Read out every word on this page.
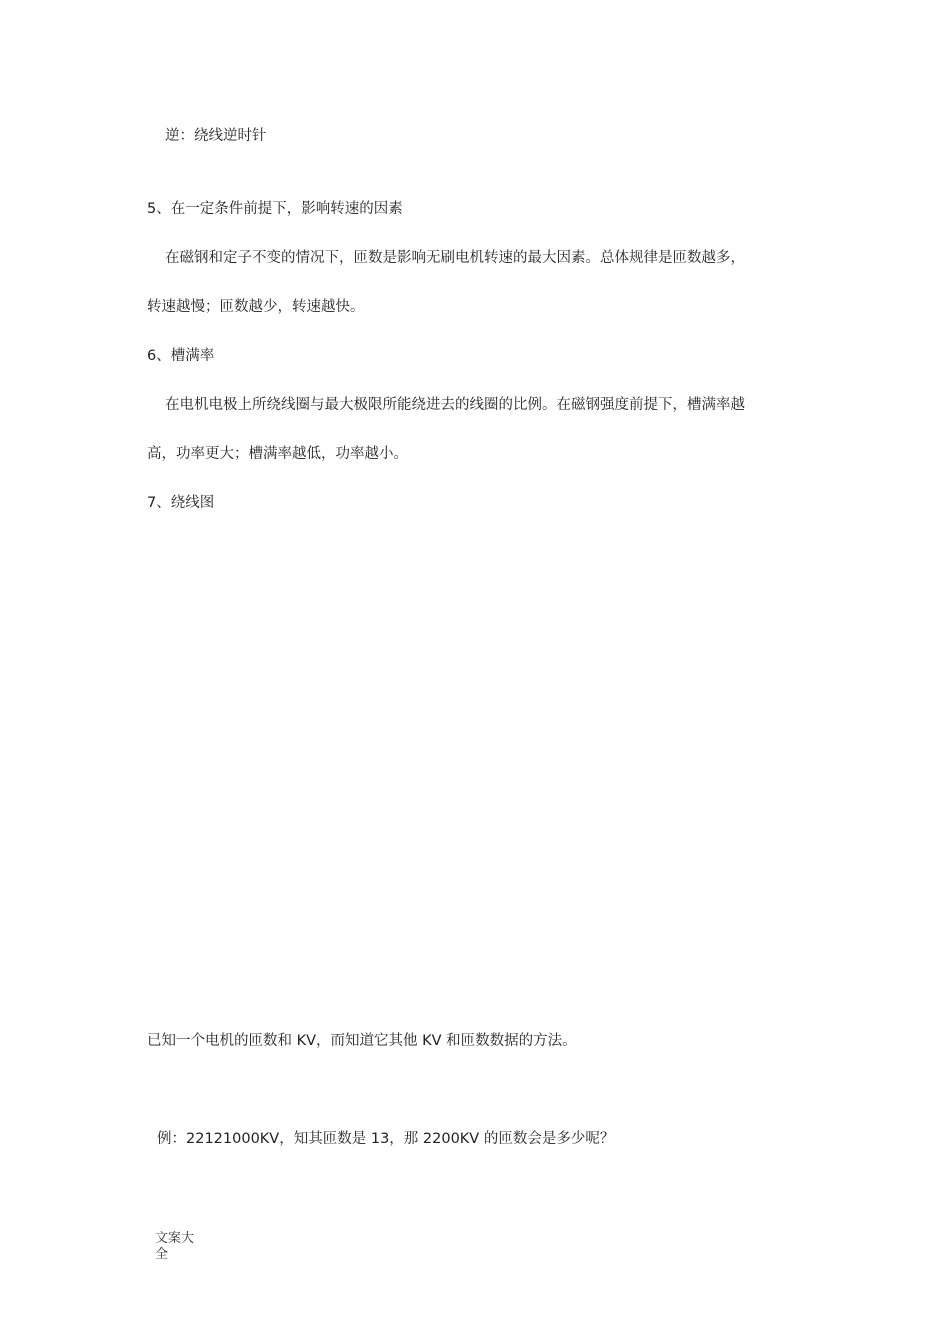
逆：绕线逆时针
5、在一定条件前提下，影响转速的因素
在磁钢和定子不变的情况下，匝数是影响无刷电机转速的最大因素。总体规律是匝数越多，
转速越慢；匝数越少，转速越快。
6、槽满率
在电机电极上所绕线圈与最大极限所能绕进去的线圈的比例。在磁钢强度前提下，槽满率越
高，功率更大；槽满率越低，功率越小。
7、绕线图
已知一个电机的匝数和 KV，而知道它其他 KV 和匝数数据的方法。
例：22121000KV，知其匝数是 13，那 2200KV 的匝数会是多少呢？
文案大全
